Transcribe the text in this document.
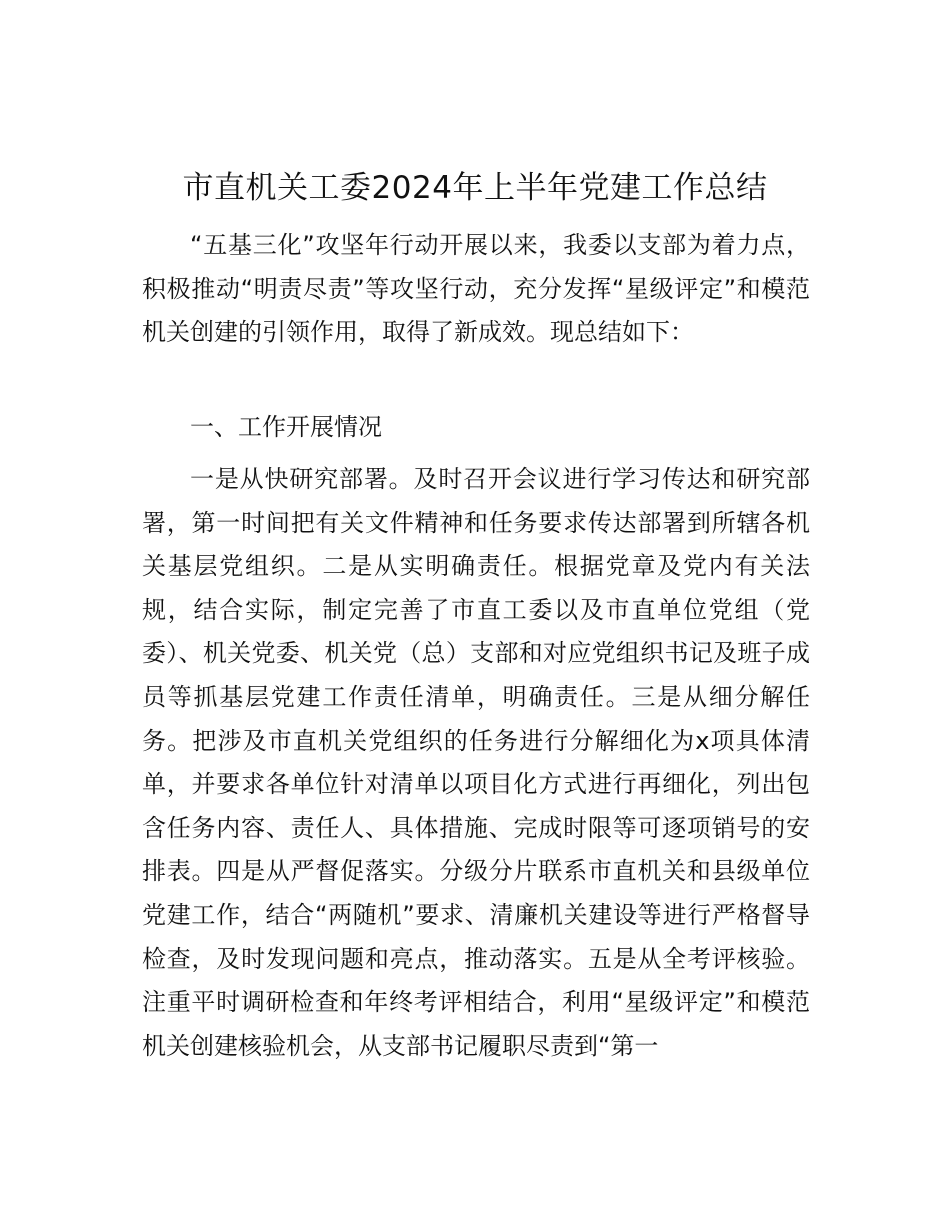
市直机关工委2024年上半年党建工作总结

“五基三化”攻坚年行动开展以来，我委以支部为着力点，积极推动“明责尽责”等攻坚行动，充分发挥“星级评定”和模范机关创建的引领作用，取得了新成效。现总结如下：

一、工作开展情况

一是从快研究部署。及时召开会议进行学习传达和研究部署，第一时间把有关文件精神和任务要求传达部署到所辖各机关基层党组织。二是从实明确责任。根据党章及党内有关法规，结合实际，制定完善了市直工委以及市直单位党组（党委）、机关党委、机关党（总）支部和对应党组织书记及班子成员等抓基层党建工作责任清单，明确责任。三是从细分解任务。把涉及市直机关党组织的任务进行分解细化为x项具体清单，并要求各单位针对清单以项目化方式进行再细化，列出包含任务内容、责任人、具体措施、完成时限等可逐项销号的安排表。四是从严督促落实。分级分片联系市直机关和县级单位党建工作，结合“两随机”要求、清廉机关建设等进行严格督导检查，及时发现问题和亮点，推动落实。五是从全考评核验。注重平时调研检查和年终考评相结合，利用“星级评定”和模范机关创建核验机会，从支部书记履职尽责到“第一
